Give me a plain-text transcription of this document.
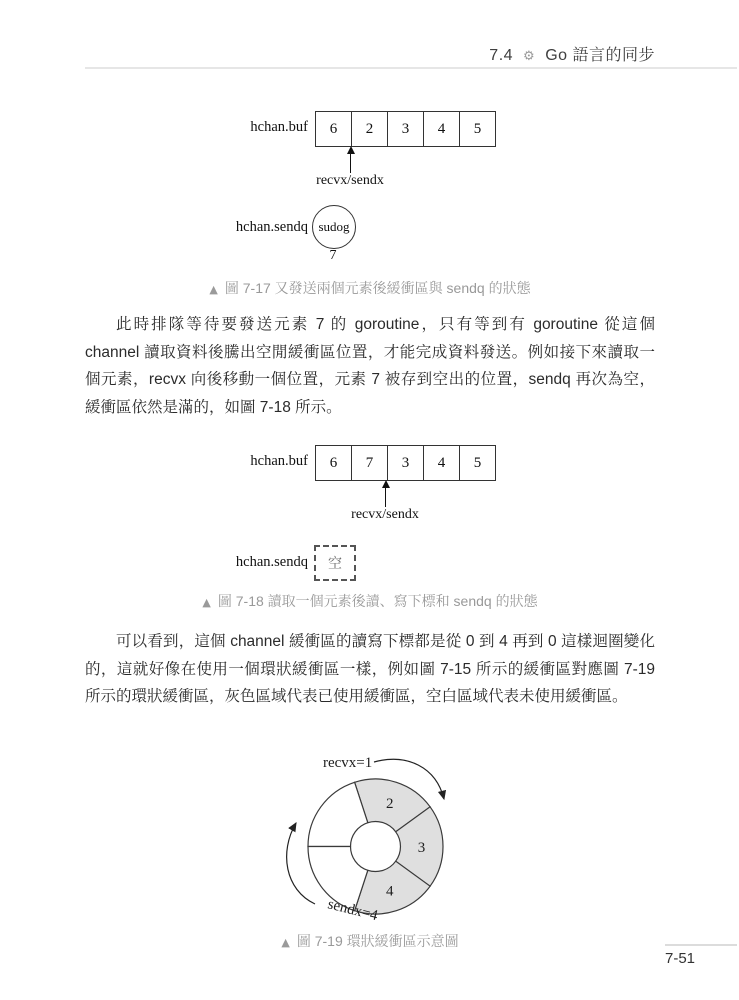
7.4 ⚙ Go 語言的同步
hchan.buf	6	2	3	4	5
recvx/sendx
hchan.sendq sudog
7
▲ 圖 7-17 又發送兩個元素後緩衝區與 sendq 的狀態
此時排隊等待要發送元素 7 的 goroutine，只有等到有 goroutine 從這個 channel 讀取資料後騰出空閒緩衝區位置，才能完成資料發送。例如接下來讀取一個元素，recvx 向後移動一個位置，元素 7 被存到空出的位置，sendq 再次為空，緩衝區依然是滿的，如圖 7-18 所示。
hchan.buf	6	7	3	4	5
recvx/sendx
hchan.sendq	空
▲ 圖 7-18 讀取一個元素後讀、寫下標和 sendq 的狀態
可以看到，這個 channel 緩衝區的讀寫下標都是從 0 到 4 再到 0 這樣迴圈變化的，這就好像在使用一個環狀緩衝區一樣，例如圖 7-15 所示的緩衝區對應圖 7-19 所示的環狀緩衝區，灰色區域代表已使用緩衝區，空白區域代表未使用緩衝區。
2
3
4
recvx=1
sendx=4
▲ 圖 7-19 環狀緩衝區示意圖
7-51
